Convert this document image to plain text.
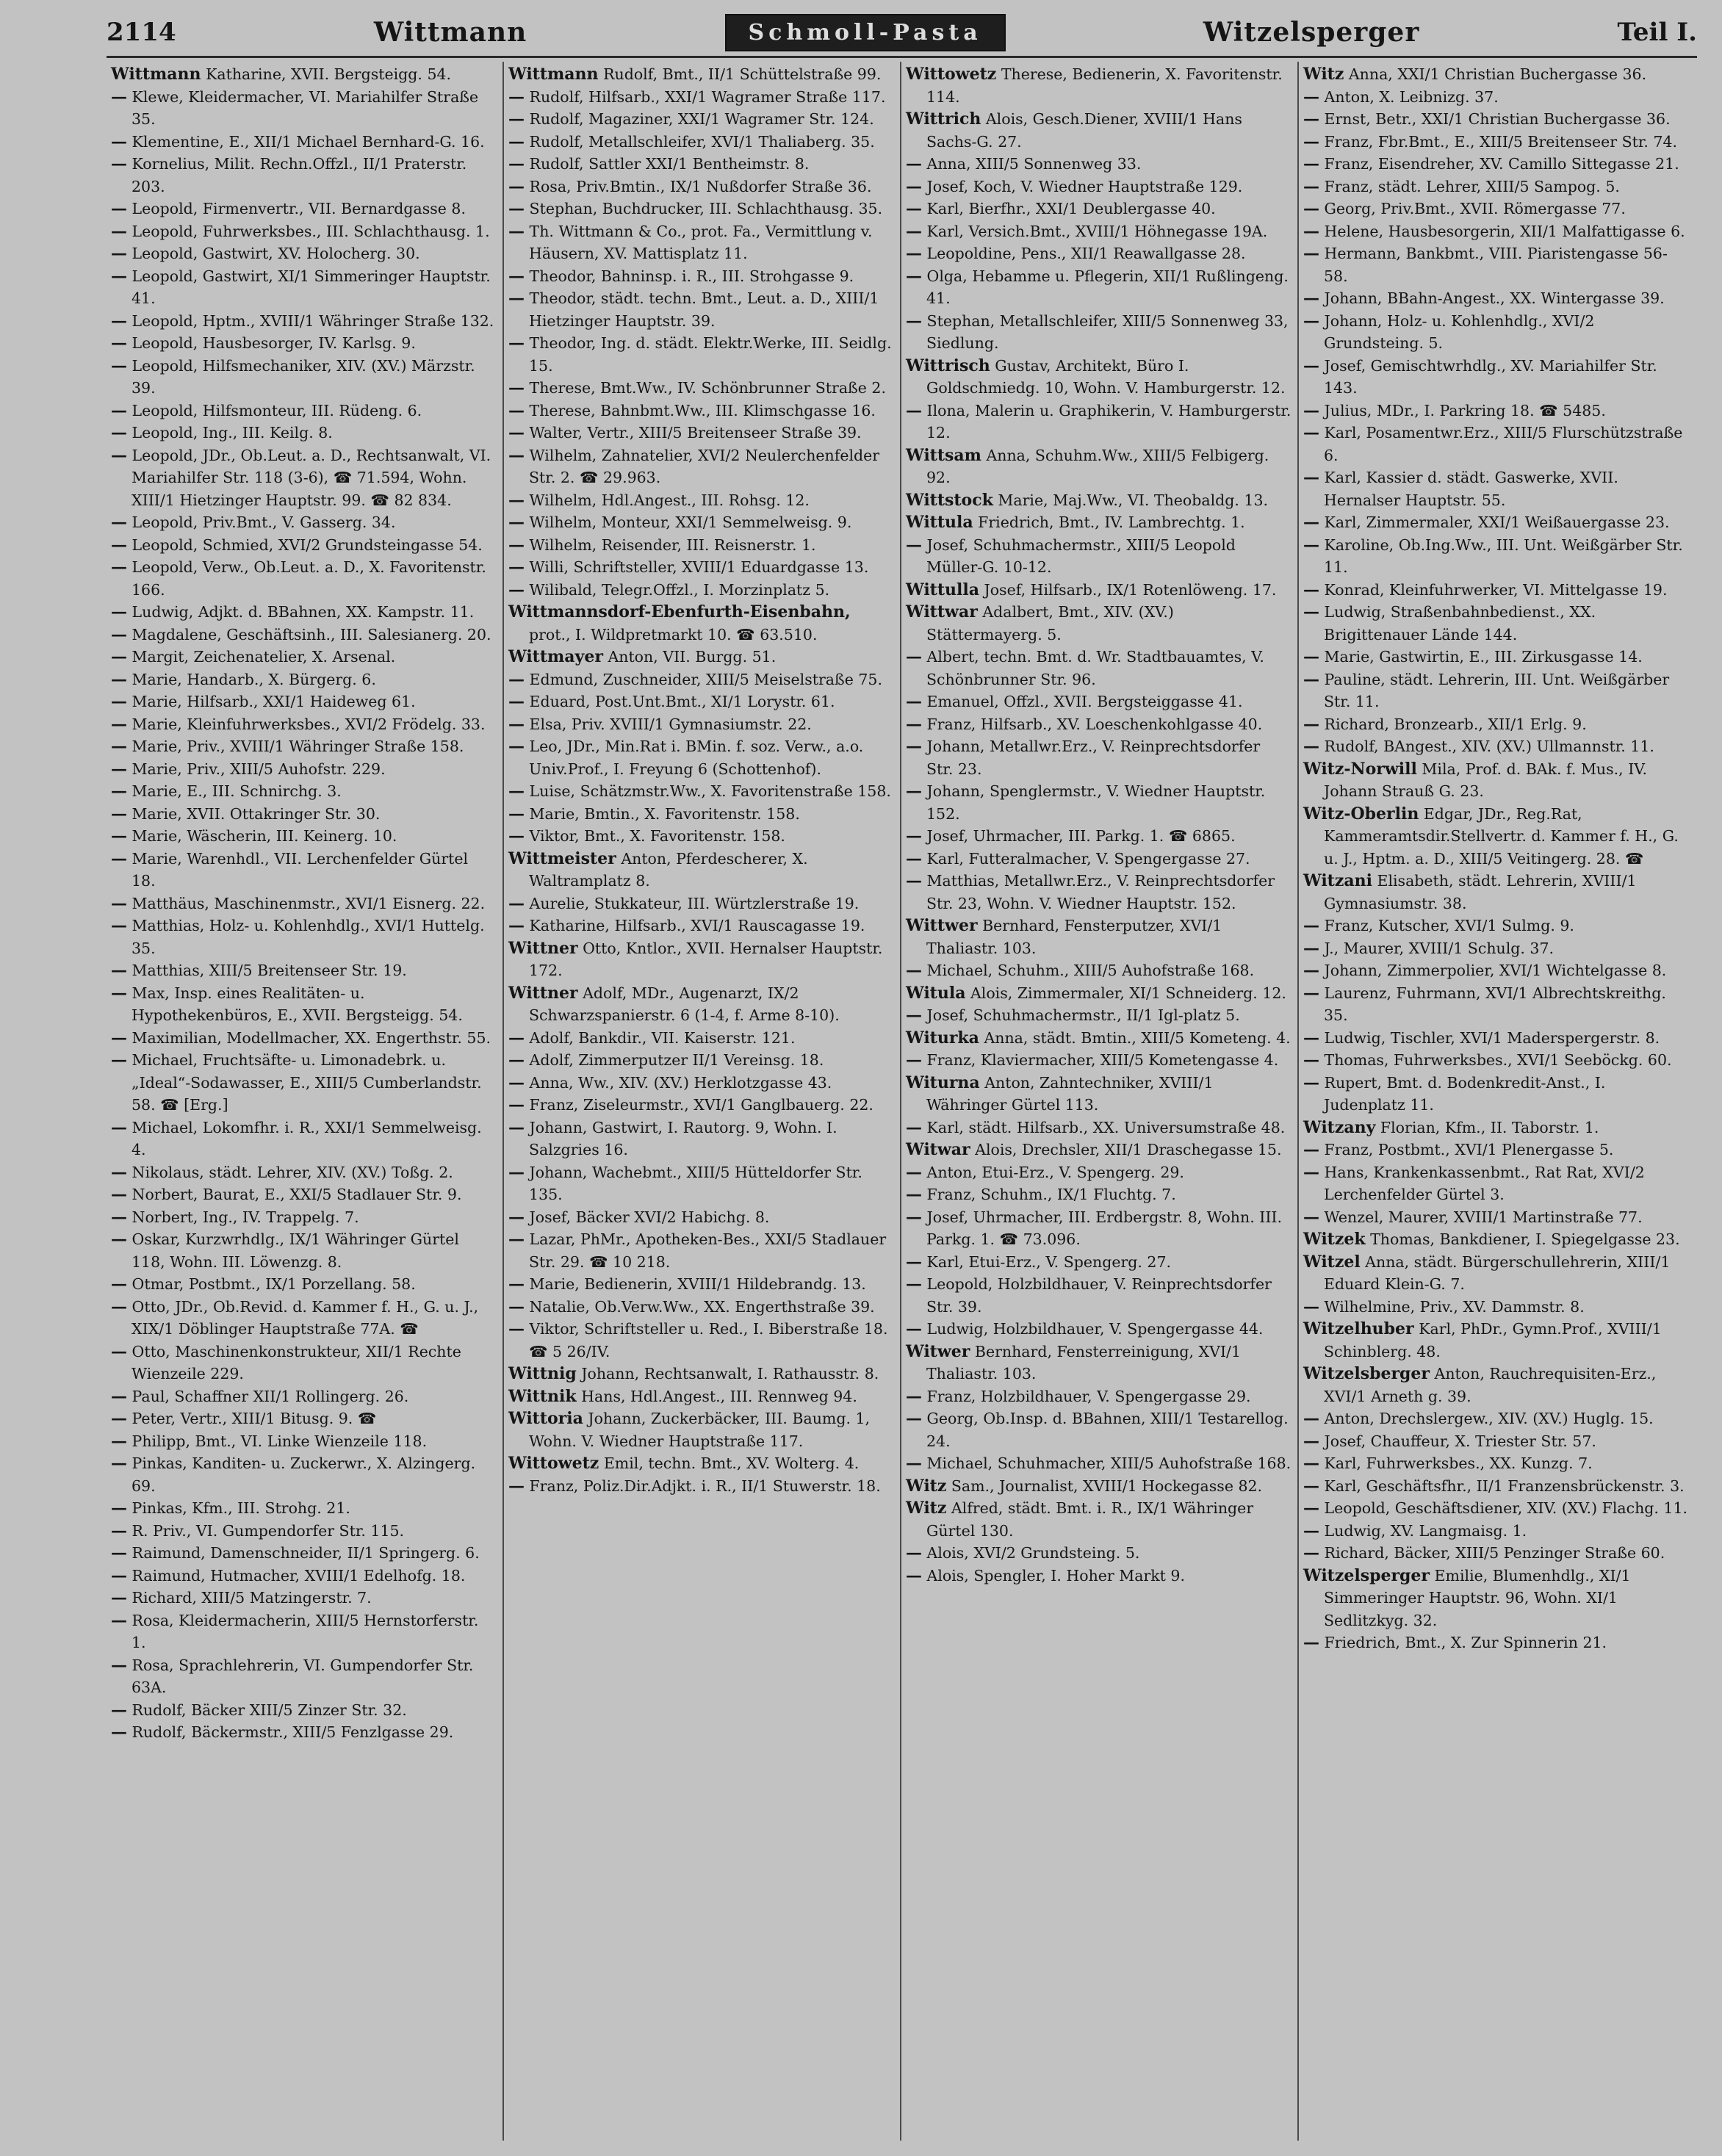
2114	Wittmann	Schmoll-Pasta	Witzelsperger	Teil I.
Wittmann Katharine, XVII. Bergsteigg. 54.
— Klewe, Kleidermacher, VI. Mariahilfer Straße 35.
— Klementine, E., XII/1 Michael Bernhard-G. 16.
— Kornelius, Milit. Rechn.Offzl., II/1 Praterstr. 203.
— Leopold, Firmenvertr., VII. Bernardgasse 8.
— Leopold, Fuhrwerksbes., III. Schlachthausg. 1.
— Leopold, Gastwirt, XV. Holocherg. 30.
— Leopold, Gastwirt, XI/1 Simmeringer Hauptstr. 41.
— Leopold, Hptm., XVIII/1 Währinger Straße 132.
— Leopold, Hausbesorger, IV. Karlsg. 9.
— Leopold, Hilfsmechaniker, XIV. (XV.) Märzstr. 39.
— Leopold, Hilfsmonteur, III. Rüdeng. 6.
— Leopold, Ing., III. Keilg. 8.
— Leopold, JDr., Ob.Leut. a. D., Rechtsanwalt, VI. Mariahilfer Str. 118 (3-6), ☎ 71.594, Wohn. XIII/1 Hietzinger Hauptstr. 99. ☎ 82 834.
— Leopold, Priv.Bmt., V. Gasserg. 34.
— Leopold, Schmied, XVI/2 Grundsteingasse 54.
— Leopold, Verw., Ob.Leut. a. D., X. Favoritenstr. 166.
— Ludwig, Adjkt. d. BBahnen, XX. Kampstr. 11.
— Magdalene, Geschäftsinh., III. Salesianerg. 20.
— Margit, Zeichenatelier, X. Arsenal.
— Marie, Handarb., X. Bürgerg. 6.
— Marie, Hilfsarb., XXI/1 Haideweg 61.
— Marie, Kleinfuhrwerksbes., XVI/2 Frödelg. 33.
— Marie, Priv., XVIII/1 Währinger Straße 158.
— Marie, Priv., XIII/5 Auhofstr. 229.
— Marie, E., III. Schnirchg. 3.
— Marie, XVII. Ottakringer Str. 30.
— Marie, Wäscherin, III. Keinerg. 10.
— Marie, Warenhdl., VII. Lerchenfelder Gürtel 18.
— Matthäus, Maschinenmstr., XVI/1 Eisnerg. 22.
— Matthias, Holz- u. Kohlenhdlg., XVI/1 Huttelg. 35.
— Matthias, XIII/5 Breitenseer Str. 19.
— Max, Insp. eines Realitäten- u. Hypothekenbüros, E., XVII. Bergsteigg. 54.
— Maximilian, Modellmacher, XX. Engerthstr. 55.
— Michael, Fruchtsäfte- u. Limonadebrk. u. „Ideal“-Sodawasser, E., XIII/5 Cumberlandstr. 58. ☎ [Erg.]
— Michael, Lokomfhr. i. R., XXI/1 Semmelweisg. 4.
— Nikolaus, städt. Lehrer, XIV. (XV.) Toßg. 2.
— Norbert, Baurat, E., XXI/5 Stadlauer Str. 9.
— Norbert, Ing., IV. Trappelg. 7.
— Oskar, Kurzwrhdlg., IX/1 Währinger Gürtel 118, Wohn. III. Löwenzg. 8.
— Otmar, Postbmt., IX/1 Porzellang. 58.
— Otto, JDr., Ob.Revid. d. Kammer f. H., G. u. J., XIX/1 Döblinger Hauptstraße 77A. ☎
— Otto, Maschinenkonstrukteur, XII/1 Rechte Wienzeile 229.
— Paul, Schaffner XII/1 Rollingerg. 26.
— Peter, Vertr., XIII/1 Bitusg. 9. ☎
— Philipp, Bmt., VI. Linke Wienzeile 118.
— Pinkas, Kanditen- u. Zuckerwr., X. Alzingerg. 69.
— Pinkas, Kfm., III. Strohg. 21.
— R. Priv., VI. Gumpendorfer Str. 115.
— Raimund, Damenschneider, II/1 Springerg. 6.
— Raimund, Hutmacher, XVIII/1 Edelhofg. 18.
— Richard, XIII/5 Matzingerstr. 7.
— Rosa, Kleidermacherin, XIII/5 Hernstorferstr. 1.
— Rosa, Sprachlehrerin, VI. Gumpendorfer Str. 63A.
— Rudolf, Bäcker XIII/5 Zinzer Str. 32.
— Rudolf, Bäckermstr., XIII/5 Fenzlgasse 29.
Wittmann Rudolf, Bmt., II/1 Schüttelstraße 99.
— Rudolf, Hilfsarb., XXI/1 Wagramer Straße 117.
— Rudolf, Magaziner, XXI/1 Wagramer Str. 124.
— Rudolf, Metallschleifer, XVI/1 Thaliaberg. 35.
— Rudolf, Sattler XXI/1 Bentheimstr. 8.
— Rosa, Priv.Bmtin., IX/1 Nußdorfer Straße 36.
— Stephan, Buchdrucker, III. Schlachthausg. 35.
— Th. Wittmann & Co., prot. Fa., Vermittlung v. Häusern, XV. Mattisplatz 11.
— Theodor, Bahninsp. i. R., III. Strohgasse 9.
— Theodor, städt. techn. Bmt., Leut. a. D., XIII/1 Hietzinger Hauptstr. 39.
— Theodor, Ing. d. städt. Elektr.Werke, III. Seidlg. 15.
— Therese, Bmt.Ww., IV. Schönbrunner Straße 2.
— Therese, Bahnbmt.Ww., III. Klimschgasse 16.
— Walter, Vertr., XIII/5 Breitenseer Straße 39.
— Wilhelm, Zahnatelier, XVI/2 Neulerchenfelder Str. 2. ☎ 29.963.
— Wilhelm, Hdl.Angest., III. Rohsg. 12.
— Wilhelm, Monteur, XXI/1 Semmelweisg. 9.
— Wilhelm, Reisender, III. Reisnerstr. 1.
— Willi, Schriftsteller, XVIII/1 Eduardgasse 13.
— Wilibald, Telegr.Offzl., I. Morzinplatz 5.
Wittmannsdorf-Ebenfurth-Eisenbahn, prot., I. Wildpretmarkt 10. ☎ 63.510.
Wittmayer Anton, VII. Burgg. 51.
— Edmund, Zuschneider, XIII/5 Meiselstraße 75.
— Eduard, Post.Unt.Bmt., XI/1 Lorystr. 61.
— Elsa, Priv. XVIII/1 Gymnasiumstr. 22.
— Leo, JDr., Min.Rat i. BMin. f. soz. Verw., a.o. Univ.Prof., I. Freyung 6 (Schottenhof).
— Luise, Schätzmstr.Ww., X. Favoritenstraße 158.
— Marie, Bmtin., X. Favoritenstr. 158.
— Viktor, Bmt., X. Favoritenstr. 158.
Wittmeister Anton, Pferdescherer, X. Waltramplatz 8.
— Aurelie, Stukkateur, III. Würtzlerstraße 19.
— Katharine, Hilfsarb., XVI/1 Rauscagasse 19.
Wittner Otto, Kntlor., XVII. Hernalser Hauptstr. 172.
Wittner Adolf, MDr., Augenarzt, IX/2 Schwarzspanierstr. 6 (1-4, f. Arme 8-10).
— Adolf, Bankdir., VII. Kaiserstr. 121.
— Adolf, Zimmerputzer II/1 Vereinsg. 18.
— Anna, Ww., XIV. (XV.) Herklotzgasse 43.
— Franz, Ziseleurmstr., XVI/1 Ganglbauerg. 22.
— Johann, Gastwirt, I. Rautorg. 9, Wohn. I. Salzgries 16.
— Johann, Wachebmt., XIII/5 Hütteldorfer Str. 135.
— Josef, Bäcker XVI/2 Habichg. 8.
— Lazar, PhMr., Apotheken-Bes., XXI/5 Stadlauer Str. 29. ☎ 10 218.
— Marie, Bedienerin, XVIII/1 Hildebrandg. 13.
— Natalie, Ob.Verw.Ww., XX. Engerthstraße 39.
— Viktor, Schriftsteller u. Red., I. Biberstraße 18. ☎ 5 26/IV.
Wittnig Johann, Rechtsanwalt, I. Rathausstr. 8.
Wittnik Hans, Hdl.Angest., III. Rennweg 94.
Wittoria Johann, Zuckerbäcker, III. Baumg. 1, Wohn. V. Wiedner Hauptstraße 117.
Wittowetz Emil, techn. Bmt., XV. Wolterg. 4.
— Franz, Poliz.Dir.Adjkt. i. R., II/1 Stuwerstr. 18.
Wittowetz Therese, Bedienerin, X. Favoritenstr. 114.
Wittrich Alois, Gesch.Diener, XVIII/1 Hans Sachs-G. 27.
— Anna, XIII/5 Sonnenweg 33.
— Josef, Koch, V. Wiedner Hauptstraße 129.
— Karl, Bierfhr., XXI/1 Deublergasse 40.
— Karl, Versich.Bmt., XVIII/1 Höhnegasse 19A.
— Leopoldine, Pens., XII/1 Reawallgasse 28.
— Olga, Hebamme u. Pflegerin, XII/1 Rußlingeng. 41.
— Stephan, Metallschleifer, XIII/5 Sonnenweg 33, Siedlung.
Wittrisch Gustav, Architekt, Büro I. Goldschmiedg. 10, Wohn. V. Hamburgerstr. 12.
— Ilona, Malerin u. Graphikerin, V. Hamburgerstr. 12.
Wittsam Anna, Schuhm.Ww., XIII/5 Felbigerg. 92.
Wittstock Marie, Maj.Ww., VI. Theobaldg. 13.
Wittula Friedrich, Bmt., IV. Lambrechtg. 1.
— Josef, Schuhmachermstr., XIII/5 Leopold Müller-G. 10-12.
Wittulla Josef, Hilfsarb., IX/1 Rotenlöweng. 17.
Wittwar Adalbert, Bmt., XIV. (XV.) Stättermayerg. 5.
— Albert, techn. Bmt. d. Wr. Stadtbauamtes, V. Schönbrunner Str. 96.
— Emanuel, Offzl., XVII. Bergsteiggasse 41.
— Franz, Hilfsarb., XV. Loeschenkohlgasse 40.
— Johann, Metallwr.Erz., V. Reinprechtsdorfer Str. 23.
— Johann, Spenglermstr., V. Wiedner Hauptstr. 152.
— Josef, Uhrmacher, III. Parkg. 1. ☎ 6865.
— Karl, Futteralmacher, V. Spengergasse 27.
— Matthias, Metallwr.Erz., V. Reinprechtsdorfer Str. 23, Wohn. V. Wiedner Hauptstr. 152.
Wittwer Bernhard, Fensterputzer, XVI/1 Thaliastr. 103.
— Michael, Schuhm., XIII/5 Auhofstraße 168.
Witula Alois, Zimmermaler, XI/1 Schneiderg. 12.
— Josef, Schuhmachermstr., II/1 Igl-platz 5.
Witurka Anna, städt. Bmtin., XIII/5 Kometeng. 4.
— Franz, Klaviermacher, XIII/5 Kometengasse 4.
Witurna Anton, Zahntechniker, XVIII/1 Währinger Gürtel 113.
— Karl, städt. Hilfsarb., XX. Universumstraße 48.
Witwar Alois, Drechsler, XII/1 Draschegasse 15.
— Anton, Etui-Erz., V. Spengerg. 29.
— Franz, Schuhm., IX/1 Fluchtg. 7.
— Josef, Uhrmacher, III. Erdbergstr. 8, Wohn. III. Parkg. 1. ☎ 73.096.
— Karl, Etui-Erz., V. Spengerg. 27.
— Leopold, Holzbildhauer, V. Reinprechtsdorfer Str. 39.
— Ludwig, Holzbildhauer, V. Spengergasse 44.
Witwer Bernhard, Fensterreinigung, XVI/1 Thaliastr. 103.
— Franz, Holzbildhauer, V. Spengergasse 29.
— Georg, Ob.Insp. d. BBahnen, XIII/1 Testarellog. 24.
— Michael, Schuhmacher, XIII/5 Auhofstraße 168.
Witz Sam., Journalist, XVIII/1 Hockegasse 82.
Witz Alfred, städt. Bmt. i. R., IX/1 Währinger Gürtel 130.
— Alois, XVI/2 Grundsteing. 5.
— Alois, Spengler, I. Hoher Markt 9.
Witz Anna, XXI/1 Christian Buchergasse 36.
— Anton, X. Leibnizg. 37.
— Ernst, Betr., XXI/1 Christian Buchergasse 36.
— Franz, Fbr.Bmt., E., XIII/5 Breitenseer Str. 74.
— Franz, Eisendreher, XV. Camillo Sittegasse 21.
— Franz, städt. Lehrer, XIII/5 Sampog. 5.
— Georg, Priv.Bmt., XVII. Römergasse 77.
— Helene, Hausbesorgerin, XII/1 Malfattigasse 6.
— Hermann, Bankbmt., VIII. Piaristengasse 56-58.
— Johann, BBahn-Angest., XX. Wintergasse 39.
— Johann, Holz- u. Kohlenhdlg., XVI/2 Grundsteing. 5.
— Josef, Gemischtwrhdlg., XV. Mariahilfer Str. 143.
— Julius, MDr., I. Parkring 18. ☎ 5485.
— Karl, Posamentwr.Erz., XIII/5 Flurschützstraße 6.
— Karl, Kassier d. städt. Gaswerke, XVII. Hernalser Hauptstr. 55.
— Karl, Zimmermaler, XXI/1 Weißauergasse 23.
— Karoline, Ob.Ing.Ww., III. Unt. Weißgärber Str. 11.
— Konrad, Kleinfuhrwerker, VI. Mittelgasse 19.
— Ludwig, Straßenbahnbedienst., XX. Brigittenauer Lände 144.
— Marie, Gastwirtin, E., III. Zirkusgasse 14.
— Pauline, städt. Lehrerin, III. Unt. Weißgärber Str. 11.
— Richard, Bronzearb., XII/1 Erlg. 9.
— Rudolf, BAngest., XIV. (XV.) Ullmannstr. 11.
Witz-Norwill Mila, Prof. d. BAk. f. Mus., IV. Johann Strauß G. 23.
Witz-Oberlin Edgar, JDr., Reg.Rat, Kammeramtsdir.Stellvertr. d. Kammer f. H., G. u. J., Hptm. a. D., XIII/5 Veitingerg. 28. ☎
Witzani Elisabeth, städt. Lehrerin, XVIII/1 Gymnasiumstr. 38.
— Franz, Kutscher, XVI/1 Sulmg. 9.
— J., Maurer, XVIII/1 Schulg. 37.
— Johann, Zimmerpolier, XVI/1 Wichtelgasse 8.
— Laurenz, Fuhrmann, XVI/1 Albrechtskreithg. 35.
— Ludwig, Tischler, XVI/1 Maderspergerstr. 8.
— Thomas, Fuhrwerksbes., XVI/1 Seeböckg. 60.
— Rupert, Bmt. d. Bodenkredit-Anst., I. Judenplatz 11.
Witzany Florian, Kfm., II. Taborstr. 1.
— Franz, Postbmt., XVI/1 Plenergasse 5.
— Hans, Krankenkassenbmt., Rat Rat, XVI/2 Lerchenfelder Gürtel 3.
— Wenzel, Maurer, XVIII/1 Martinstraße 77.
Witzek Thomas, Bankdiener, I. Spiegelgasse 23.
Witzel Anna, städt. Bürgerschullehrerin, XIII/1 Eduard Klein-G. 7.
— Wilhelmine, Priv., XV. Dammstr. 8.
Witzelhuber Karl, PhDr., Gymn.Prof., XVIII/1 Schinblerg. 48.
Witzelsberger Anton, Rauchrequisiten-Erz., XVI/1 Arneth g. 39.
— Anton, Drechslergew., XIV. (XV.) Huglg. 15.
— Josef, Chauffeur, X. Triester Str. 57.
— Karl, Fuhrwerksbes., XX. Kunzg. 7.
— Karl, Geschäftsfhr., II/1 Franzensbrückenstr. 3.
— Leopold, Geschäftsdiener, XIV. (XV.) Flachg. 11.
— Ludwig, XV. Langmaisg. 1.
— Richard, Bäcker, XIII/5 Penzinger Straße 60.
Witzelsperger Emilie, Blumenhdlg., XI/1 Simmeringer Hauptstr. 96, Wohn. XI/1 Sedlitzkyg. 32.
— Friedrich, Bmt., X. Zur Spinnerin 21.
